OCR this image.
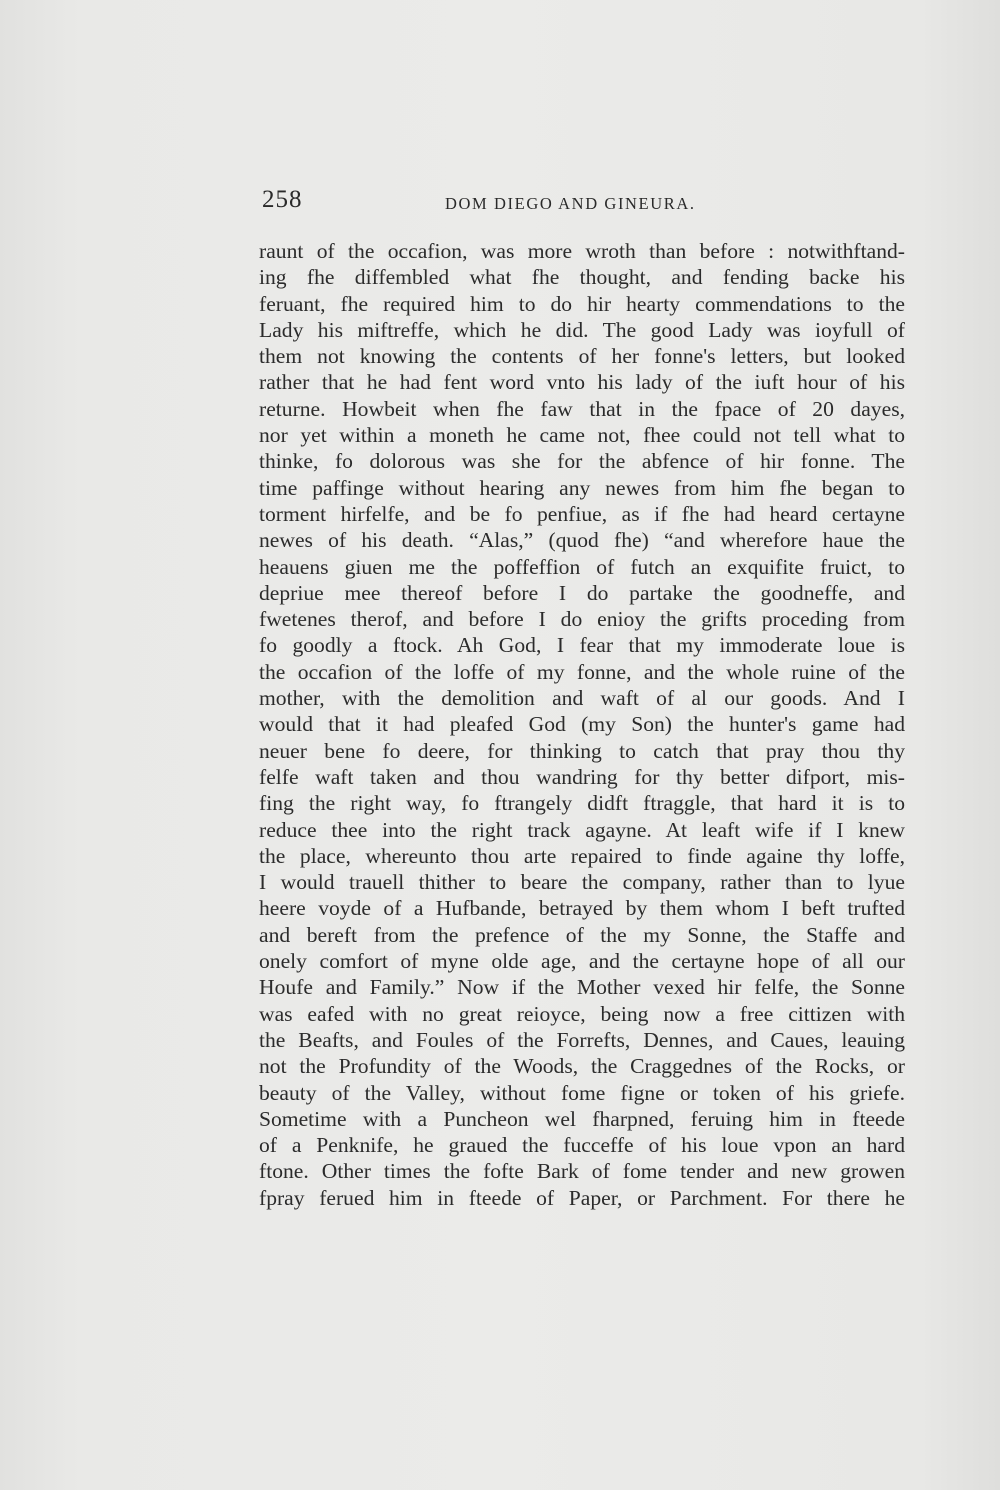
258	DOM DIEGO AND GINEURA.
raunt of the occafion, was more wroth than before : notwithftand-
ing fhe diffembled what fhe thought, and fending backe his
feruant, fhe required him to do hir hearty commendations to the
Lady his miftreffe, which he did. The good Lady was ioyfull of
them not knowing the contents of her fonne's letters, but looked
rather that he had fent word vnto his lady of the iuft hour of his
returne. Howbeit when fhe faw that in the fpace of 20 dayes,
nor yet within a moneth he came not, fhee could not tell what to
thinke, fo dolorous was she for the abfence of hir fonne. The
time paffinge without hearing any newes from him fhe began to
torment hirfelfe, and be fo penfiue, as if fhe had heard certayne
newes of his death. “Alas,” (quod fhe) “and wherefore haue the
heauens giuen me the poffeffion of futch an exquifite fruict, to
depriue mee thereof before I do partake the goodneffe, and
fwetenes therof, and before I do enioy the grifts proceding from
fo goodly a ftock. Ah God, I fear that my immoderate loue is
the occafion of the loffe of my fonne, and the whole ruine of the
mother, with the demolition and waft of al our goods. And I
would that it had pleafed God (my Son) the hunter's game had
neuer bene fo deere, for thinking to catch that pray thou thy
felfe waft taken and thou wandring for thy better difport, mis-
fing the right way, fo ftrangely didft ftraggle, that hard it is to
reduce thee into the right track agayne. At leaft wife if I knew
the place, whereunto thou arte repaired to finde againe thy loffe,
I would trauell thither to beare the company, rather than to lyue
heere voyde of a Hufbande, betrayed by them whom I beft trufted
and bereft from the prefence of the my Sonne, the Staffe and
onely comfort of myne olde age, and the certayne hope of all our
Houfe and Family.” Now if the Mother vexed hir felfe, the Sonne
was eafed with no great reioyce, being now a free cittizen with
the Beafts, and Foules of the Forrefts, Dennes, and Caues, leauing
not the Profundity of the Woods, the Craggednes of the Rocks, or
beauty of the Valley, without fome figne or token of his griefe.
Sometime with a Puncheon wel fharpned, feruing him in fteede
of a Penknife, he graued the fucceffe of his loue vpon an hard
ftone. Other times the fofte Bark of fome tender and new growen
fpray ferued him in fteede of Paper, or Parchment. For there he
